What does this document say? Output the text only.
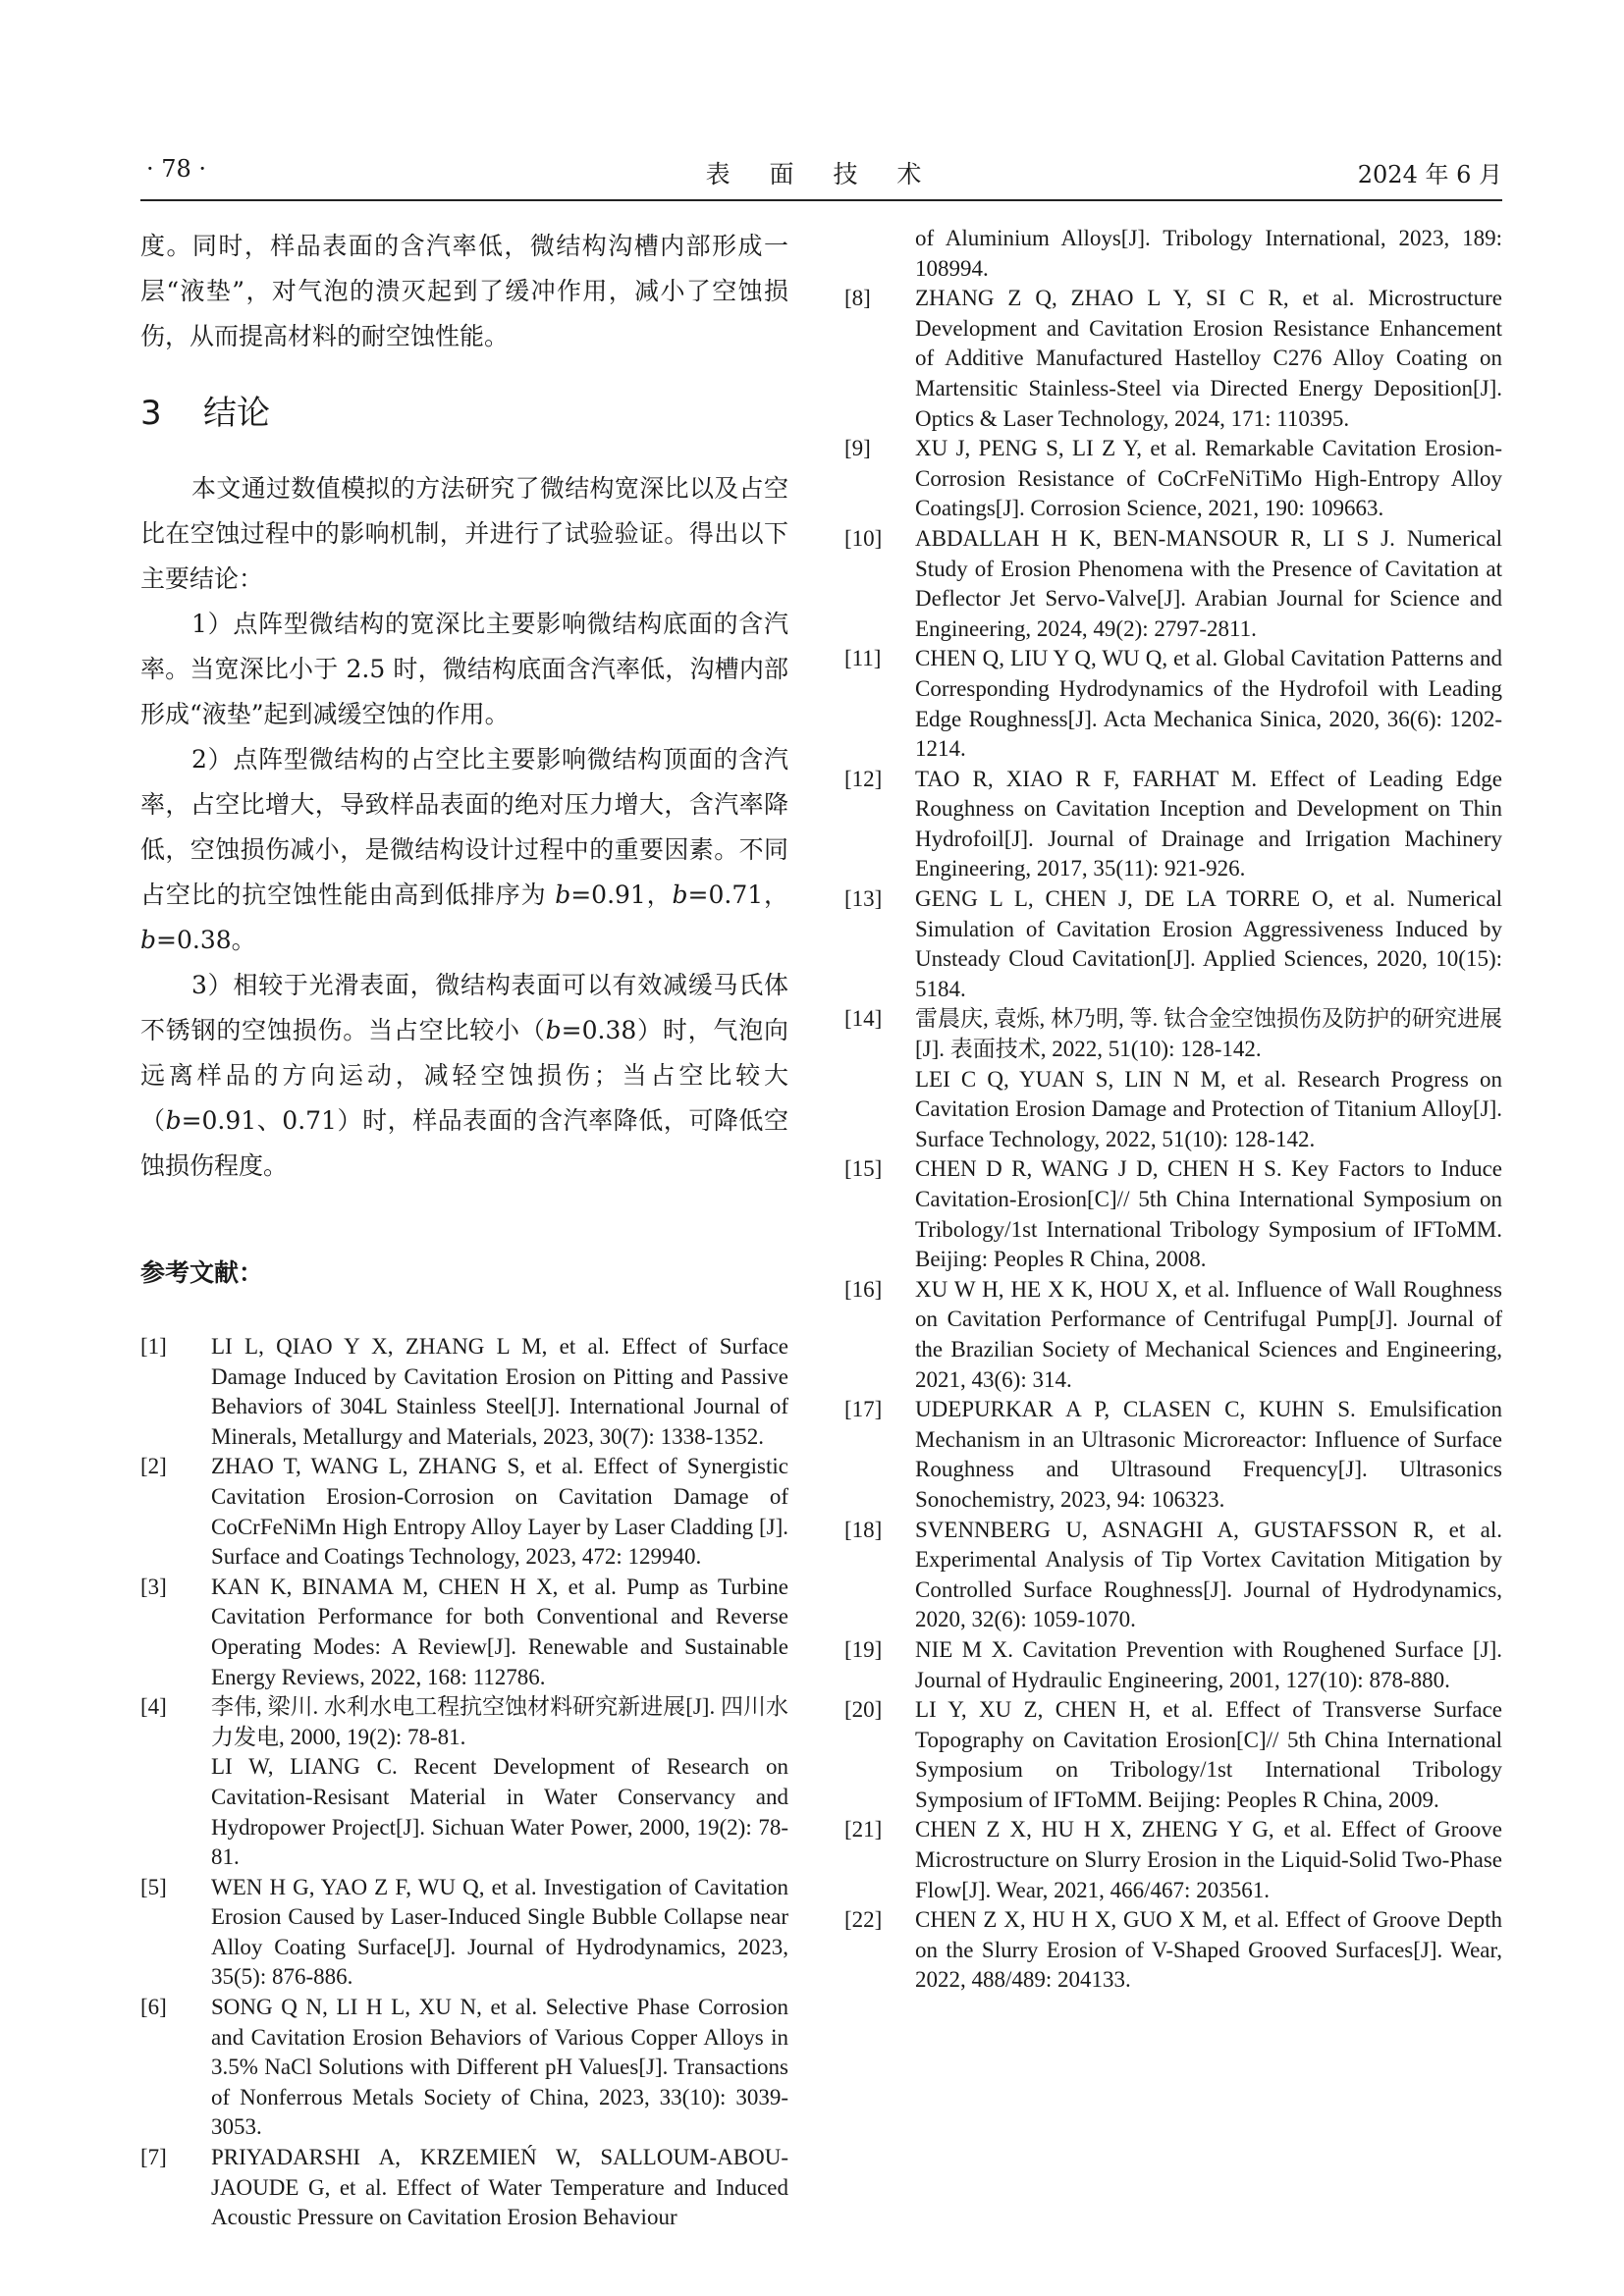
· 78 ·	表 面 技 术	2024 年 6 月

度。同时，样品表面的含汽率低，微结构沟槽内部形成一层“液垫”，对气泡的溃灭起到了缓冲作用，减小了空蚀损伤，从而提高材料的耐空蚀性能。

3 结论

本文通过数值模拟的方法研究了微结构宽深比以及占空比在空蚀过程中的影响机制，并进行了试验验证。得出以下主要结论：

1）点阵型微结构的宽深比主要影响微结构底面的含汽率。当宽深比小于 2.5 时，微结构底面含汽率低，沟槽内部形成“液垫”起到减缓空蚀的作用。

2）点阵型微结构的占空比主要影响微结构顶面的含汽率，占空比增大，导致样品表面的绝对压力增大，含汽率降低，空蚀损伤减小，是微结构设计过程中的重要因素。不同占空比的抗空蚀性能由高到低排序为 b=0.91，b=0.71，b=0.38。

3）相较于光滑表面，微结构表面可以有效减缓马氏体不锈钢的空蚀损伤。当占空比较小（b=0.38）时，气泡向远离样品的方向运动，减轻空蚀损伤；当占空比较大（b=0.91、0.71）时，样品表面的含汽率降低，可降低空蚀损伤程度。

参考文献：
[1]	LI L, QIAO Y X, ZHANG L M, et al. Effect of Surface Damage Induced by Cavitation Erosion on Pitting and Passive Behaviors of 304L Stainless Steel[J]. International Journal of Minerals, Metallurgy and Materials, 2023, 30(7): 1338-1352.
[2]	ZHAO T, WANG L, ZHANG S, et al. Effect of Synergistic Cavitation Erosion-Corrosion on Cavitation Damage of CoCrFeNiMn High Entropy Alloy Layer by Laser Cladding [J]. Surface and Coatings Technology, 2023, 472: 129940.
[3]	KAN K, BINAMA M, CHEN H X, et al. Pump as Turbine Cavitation Performance for both Conventional and Reverse Operating Modes: A Review[J]. Renewable and Sustainable Energy Reviews, 2022, 168: 112786.
[4]	李伟, 梁川. 水利水电工程抗空蚀材料研究新进展[J]. 四川水力发电, 2000, 19(2): 78-81.
LI W, LIANG C. Recent Development of Research on Cavitation-Resisant Material in Water Conservancy and Hydropower Project[J]. Sichuan Water Power, 2000, 19(2): 78-81.
[5]	WEN H G, YAO Z F, WU Q, et al. Investigation of Cavitation Erosion Caused by Laser-Induced Single Bubble Collapse near Alloy Coating Surface[J]. Journal of Hydrodynamics, 2023, 35(5): 876-886.
[6]	SONG Q N, LI H L, XU N, et al. Selective Phase Corrosion and Cavitation Erosion Behaviors of Various Copper Alloys in 3.5% NaCl Solutions with Different pH Values[J]. Transactions of Nonferrous Metals Society of China, 2023, 33(10): 3039-3053.
[7]	PRIYADARSHI A, KRZEMIEŃ W, SALLOUM-ABOU-JAOUDE G, et al. Effect of Water Temperature and Induced Acoustic Pressure on Cavitation Erosion Behaviour
of Aluminium Alloys[J]. Tribology International, 2023, 189: 108994.
[8]	ZHANG Z Q, ZHAO L Y, SI C R, et al. Microstructure Development and Cavitation Erosion Resistance Enhancement of Additive Manufactured Hastelloy C276 Alloy Coating on Martensitic Stainless-Steel via Directed Energy Deposition[J]. Optics & Laser Technology, 2024, 171: 110395.
[9]	XU J, PENG S, LI Z Y, et al. Remarkable Cavitation Erosion-Corrosion Resistance of CoCrFeNiTiMo High-Entropy Alloy Coatings[J]. Corrosion Science, 2021, 190: 109663.
[10]	ABDALLAH H K, BEN-MANSOUR R, LI S J. Numerical Study of Erosion Phenomena with the Presence of Cavitation at Deflector Jet Servo-Valve[J]. Arabian Journal for Science and Engineering, 2024, 49(2): 2797-2811.
[11]	CHEN Q, LIU Y Q, WU Q, et al. Global Cavitation Patterns and Corresponding Hydrodynamics of the Hydrofoil with Leading Edge Roughness[J]. Acta Mechanica Sinica, 2020, 36(6): 1202-1214.
[12]	TAO R, XIAO R F, FARHAT M. Effect of Leading Edge Roughness on Cavitation Inception and Development on Thin Hydrofoil[J]. Journal of Drainage and Irrigation Machinery Engineering, 2017, 35(11): 921-926.
[13]	GENG L L, CHEN J, DE LA TORRE O, et al. Numerical Simulation of Cavitation Erosion Aggressiveness Induced by Unsteady Cloud Cavitation[J]. Applied Sciences, 2020, 10(15): 5184.
[14]	雷晨庆, 袁烁, 林乃明, 等. 钛合金空蚀损伤及防护的研究进展[J]. 表面技术, 2022, 51(10): 128-142.
LEI C Q, YUAN S, LIN N M, et al. Research Progress on Cavitation Erosion Damage and Protection of Titanium Alloy[J]. Surface Technology, 2022, 51(10): 128-142.
[15]	CHEN D R, WANG J D, CHEN H S. Key Factors to Induce Cavitation-Erosion[C]// 5th China International Symposium on Tribology/1st International Tribology Symposium of IFToMM. Beijing: Peoples R China, 2008.
[16]	XU W H, HE X K, HOU X, et al. Influence of Wall Roughness on Cavitation Performance of Centrifugal Pump[J]. Journal of the Brazilian Society of Mechanical Sciences and Engineering, 2021, 43(6): 314.
[17]	UDEPURKAR A P, CLASEN C, KUHN S. Emulsification Mechanism in an Ultrasonic Microreactor: Influence of Surface Roughness and Ultrasound Frequency[J]. Ultrasonics Sonochemistry, 2023, 94: 106323.
[18]	SVENNBERG U, ASNAGHI A, GUSTAFSSON R, et al. Experimental Analysis of Tip Vortex Cavitation Mitigation by Controlled Surface Roughness[J]. Journal of Hydrodynamics, 2020, 32(6): 1059-1070.
[19]	NIE M X. Cavitation Prevention with Roughened Surface [J]. Journal of Hydraulic Engineering, 2001, 127(10): 878-880.
[20]	LI Y, XU Z, CHEN H, et al. Effect of Transverse Surface Topography on Cavitation Erosion[C]// 5th China International Symposium on Tribology/1st International Tribology Symposium of IFToMM. Beijing: Peoples R China, 2009.
[21]	CHEN Z X, HU H X, ZHENG Y G, et al. Effect of Groove Microstructure on Slurry Erosion in the Liquid-Solid Two-Phase Flow[J]. Wear, 2021, 466/467: 203561.
[22]	CHEN Z X, HU H X, GUO X M, et al. Effect of Groove Depth on the Slurry Erosion of V-Shaped Grooved Surfaces[J]. Wear, 2022, 488/489: 204133.
